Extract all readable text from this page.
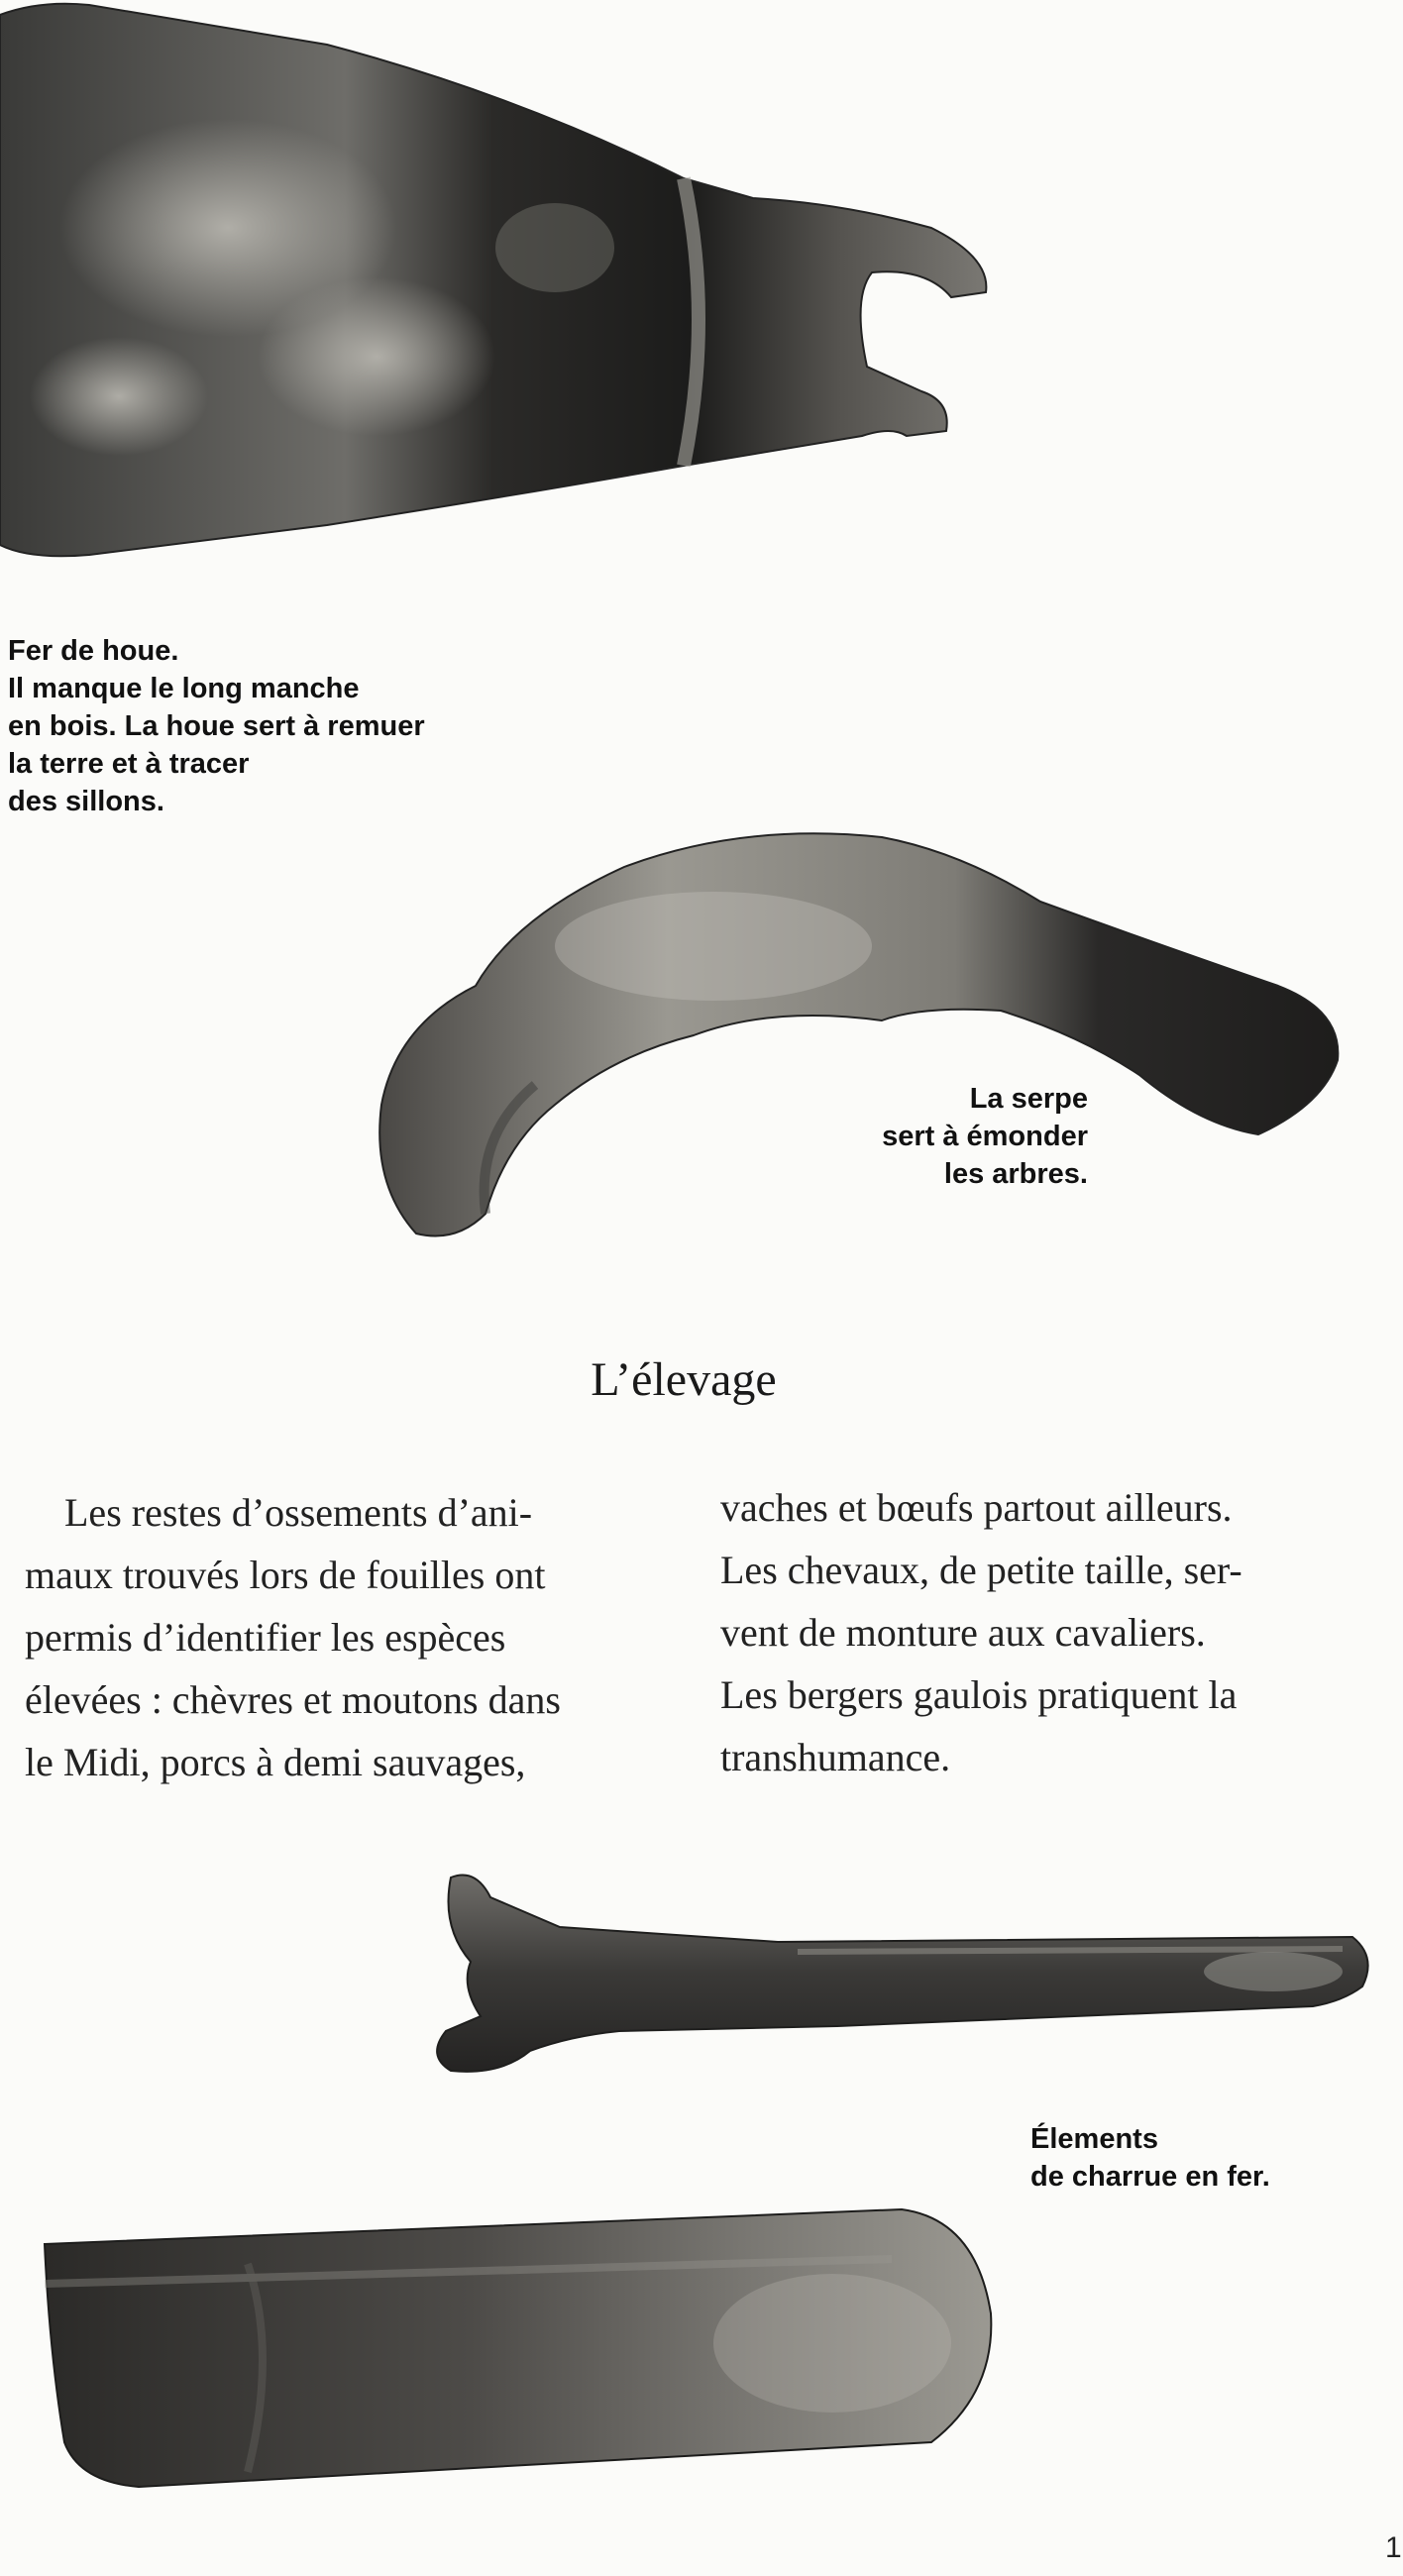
Fer de houe.
Il manque le long manche
en bois. La houe sert à remuer
la terre et à tracer
des sillons.

La serpe
sert à émonder
les arbres.

L’élevage
Les restes d’ossements d’ani-
maux trouvés lors de fouilles ont
permis d’identifier les espèces
élevées : chèvres et moutons dans
le Midi, porcs à demi sauvages,
vaches et bœufs partout ailleurs.
Les chevaux, de petite taille, ser-
vent de monture aux cavaliers.
Les bergers gaulois pratiquent la
transhumance.

Élements
de charrue en fer.

1
